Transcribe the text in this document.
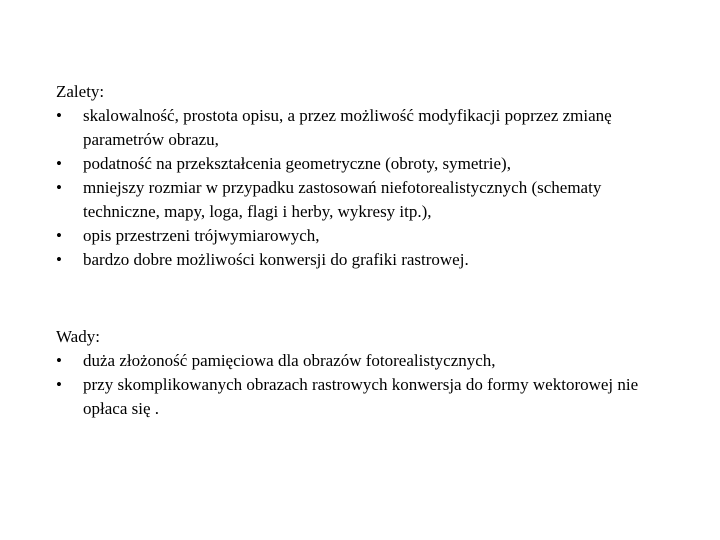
Zalety:
•	skalowalność, prostota opisu, a przez możliwość modyfikacji poprzez zmianę parametrów obrazu,
•	podatność na przekształcenia geometryczne (obroty, symetrie),
•	mniejszy rozmiar w przypadku zastosowań niefotorealistycznych (schematy techniczne, mapy, loga, flagi i herby, wykresy itp.),
•	opis przestrzeni trójwymiarowych,
•	bardzo dobre możliwości konwersji do grafiki rastrowej.
Wady:
•	duża złożoność pamięciowa dla obrazów fotorealistycznych,
•	przy skomplikowanych obrazach rastrowych konwersja do formy wektorowej nie opłaca się .
